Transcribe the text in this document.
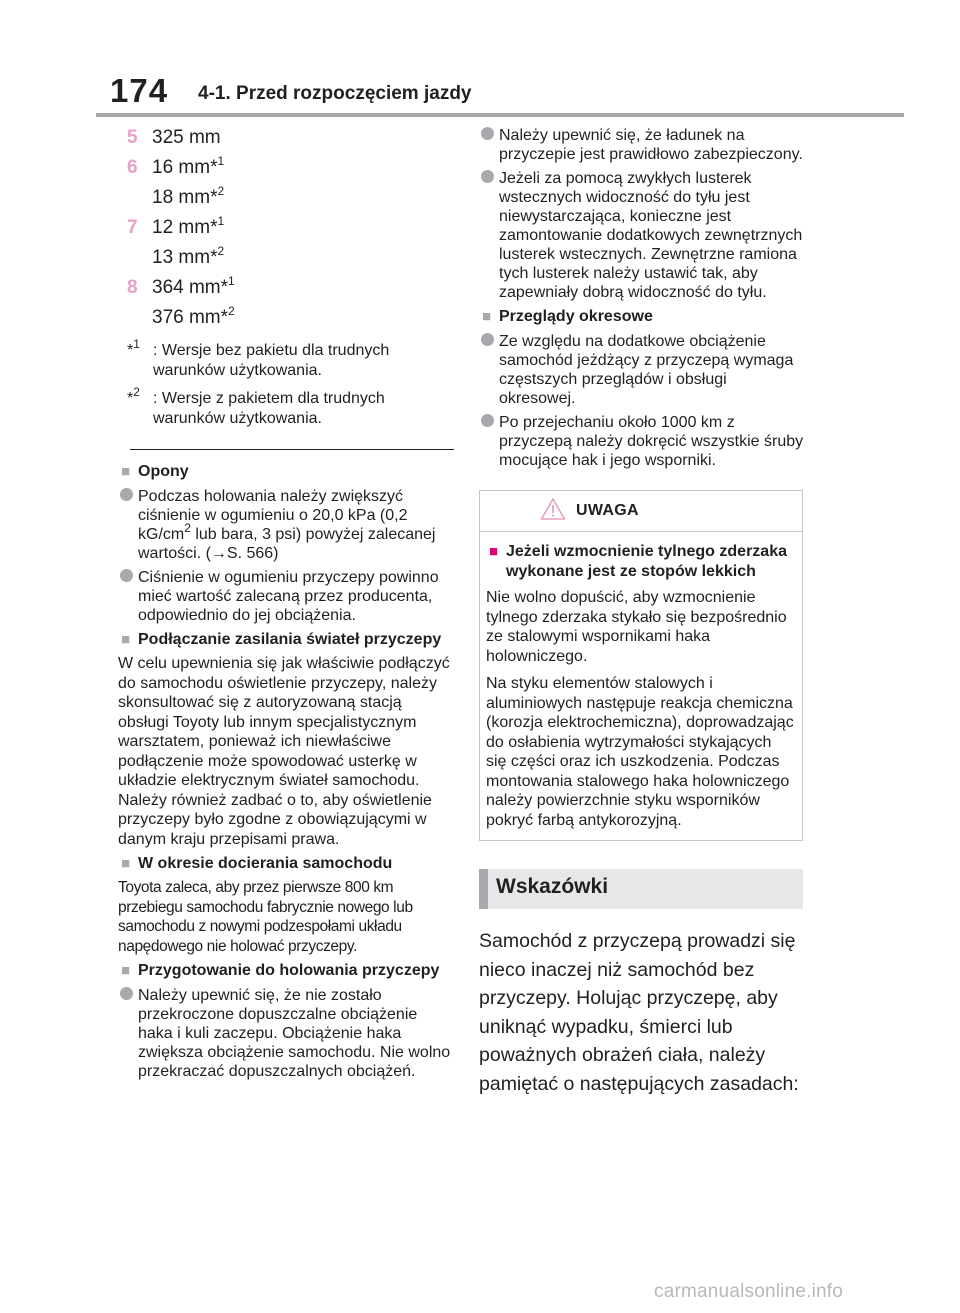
174 4-1. Przed rozpoczęciem jazdy
5 325 mm
6 16 mm*$^1$
18 mm*$^2$
7 12 mm*$^1$
13 mm*$^2$
8 364 mm*$^1$
376 mm*$^2$
*$^1$ : Wersje bez pakietu dla trudnych warunków użytkowania.
*$^2$ : Wersje z pakietem dla trudnych warunków użytkowania.
■ Opony
Podczas holowania należy zwiększyć ciśnienie w ogumieniu o 20,0 kPa (0,2 $kG/cm^2$ lub bara, 3 psi) powyżej zalecanej wartości. (→S. 566)
Ciśnienie w ogumieniu przyczepy powinno mieć wartość zalecaną przez producenta, odpowiednio do jej obciążenia.
■ Podłączanie zasilania świateł przyczepy
W celu upewnienia się jak właściwie podłączyć do samochodu oświetlenie przyczepy, należy skonsultować się z autoryzowaną stacją obsługi Toyoty lub innym specjalistycznym warsztatem, ponieważ ich niewłaściwe podłączenie może spowodować usterkę w układzie elektrycznym świateł samochodu. Należy również zadbać o to, aby oświetlenie przyczepy było zgodne z obowiązującymi w danym kraju przepisami prawa.
■ W okresie docierania samochodu
Toyota zaleca, aby przez pierwsze 800 km przebiegu samochodu fabrycznie nowego lub samochodu z nowymi podzespołami układu napędowego nie holować przyczepy.
■ Przygotowanie do holowania przyczepy
Należy upewnić się, że nie zostało przekroczone dopuszczalne obciążenie haka i kuli zaczepu. Obciążenie haka zwiększa obciążenie samochodu. Nie wolno przekraczać dopuszczalnych obciążeń.
Należy upewnić się, że ładunek na przyczepie jest prawidłowo zabezpieczony.
Jeżeli za pomocą zwykłych lusterek wstecznych widoczność do tyłu jest niewystarczająca, konieczne jest zamontowanie dodatkowych zewnętrznych lusterek wstecznych. Zewnętrzne ramiona tych lusterek należy ustawić tak, aby zapewniały dobrą widoczność do tyłu.
■ Przeglądy okresowe
Ze względu na dodatkowe obciążenie samochód jeżdżący z przyczepą wymaga częstszych przeglądów i obsługi okresowej.
Po przejechaniu około 1000 km z przyczepą należy dokręcić wszystkie śruby mocujące hak i jego wsporniki.
UWAGA
■ Jeżeli wzmocnienie tylnego zderzaka wykonane jest ze stopów lekkich
Nie wolno dopuścić, aby wzmocnienie tylnego zderzaka stykało się bezpośrednio ze stalowymi wspornikami haka holowniczego.
Na styku elementów stalowych i aluminiowych następuje reakcja chemiczna (korozja elektrochemiczna), doprowadzając do osłabienia wytrzymałości stykających się części oraz ich uszkodzenia. Podczas montowania stalowego haka holowniczego należy powierzchnie styku wsporników pokryć farbą antykorozyjną.
Wskazówki
Samochód z przyczepą prowadzi się nieco inaczej niż samochód bez przyczepy. Holując przyczepę, aby uniknąć wypadku, śmierci lub poważnych obrażeń ciała, należy pamiętać o następujących zasadach:
carmanualsonline.info
